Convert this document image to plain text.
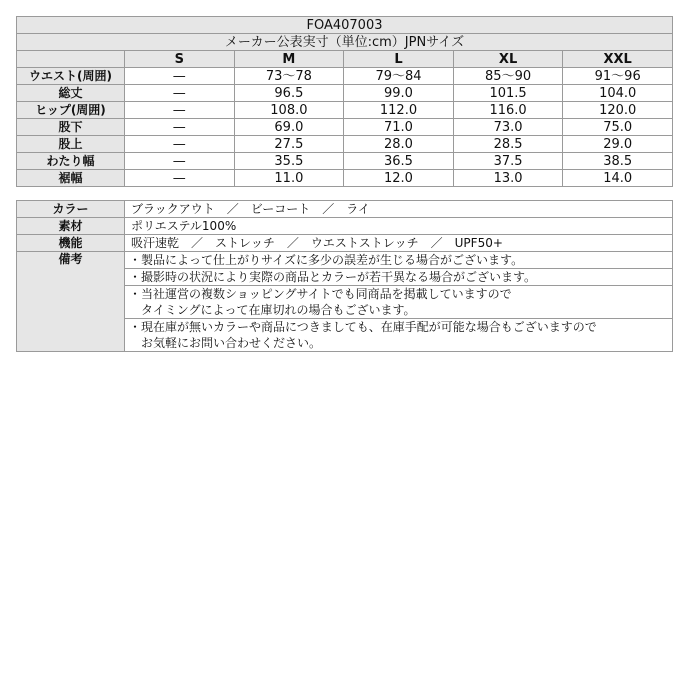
FOA407003					
メーカー公表実寸（単位:cm）JPNサイズ					
	S	M	L	XL	XXL
ウエスト(周囲)	—	73～78	79～84	85～90	91～96
総丈	—	96.5	99.0	101.5	104.0
ヒップ(周囲)	—	108.0	112.0	116.0	120.0
股下	—	69.0	71.0	73.0	75.0
股上	—	27.5	28.0	28.5	29.0
わたり幅	—	35.5	36.5	37.5	38.5
裾幅	—	11.0	12.0	13.0	14.0
カラー	ブラックアウト　／　ビーコート　／　ライ
素材	ポリエステル100%
機能	吸汗速乾　／　ストレッチ　／　ウエストストレッチ　／　UPF50+
備考	・製品によって仕上がりサイズに多少の誤差が生じる場合がございます。

	・撮影時の状況により実際の商品とカラーが若干異なる場合がございます。

	・当社運営の複数ショッピングサイトでも同商品を掲載していますので
　タイミングによって在庫切れの場合もございます。

	・現在庫が無いカラーや商品につきましても、在庫手配が可能な場合もございますので
　お気軽にお問い合わせください。
